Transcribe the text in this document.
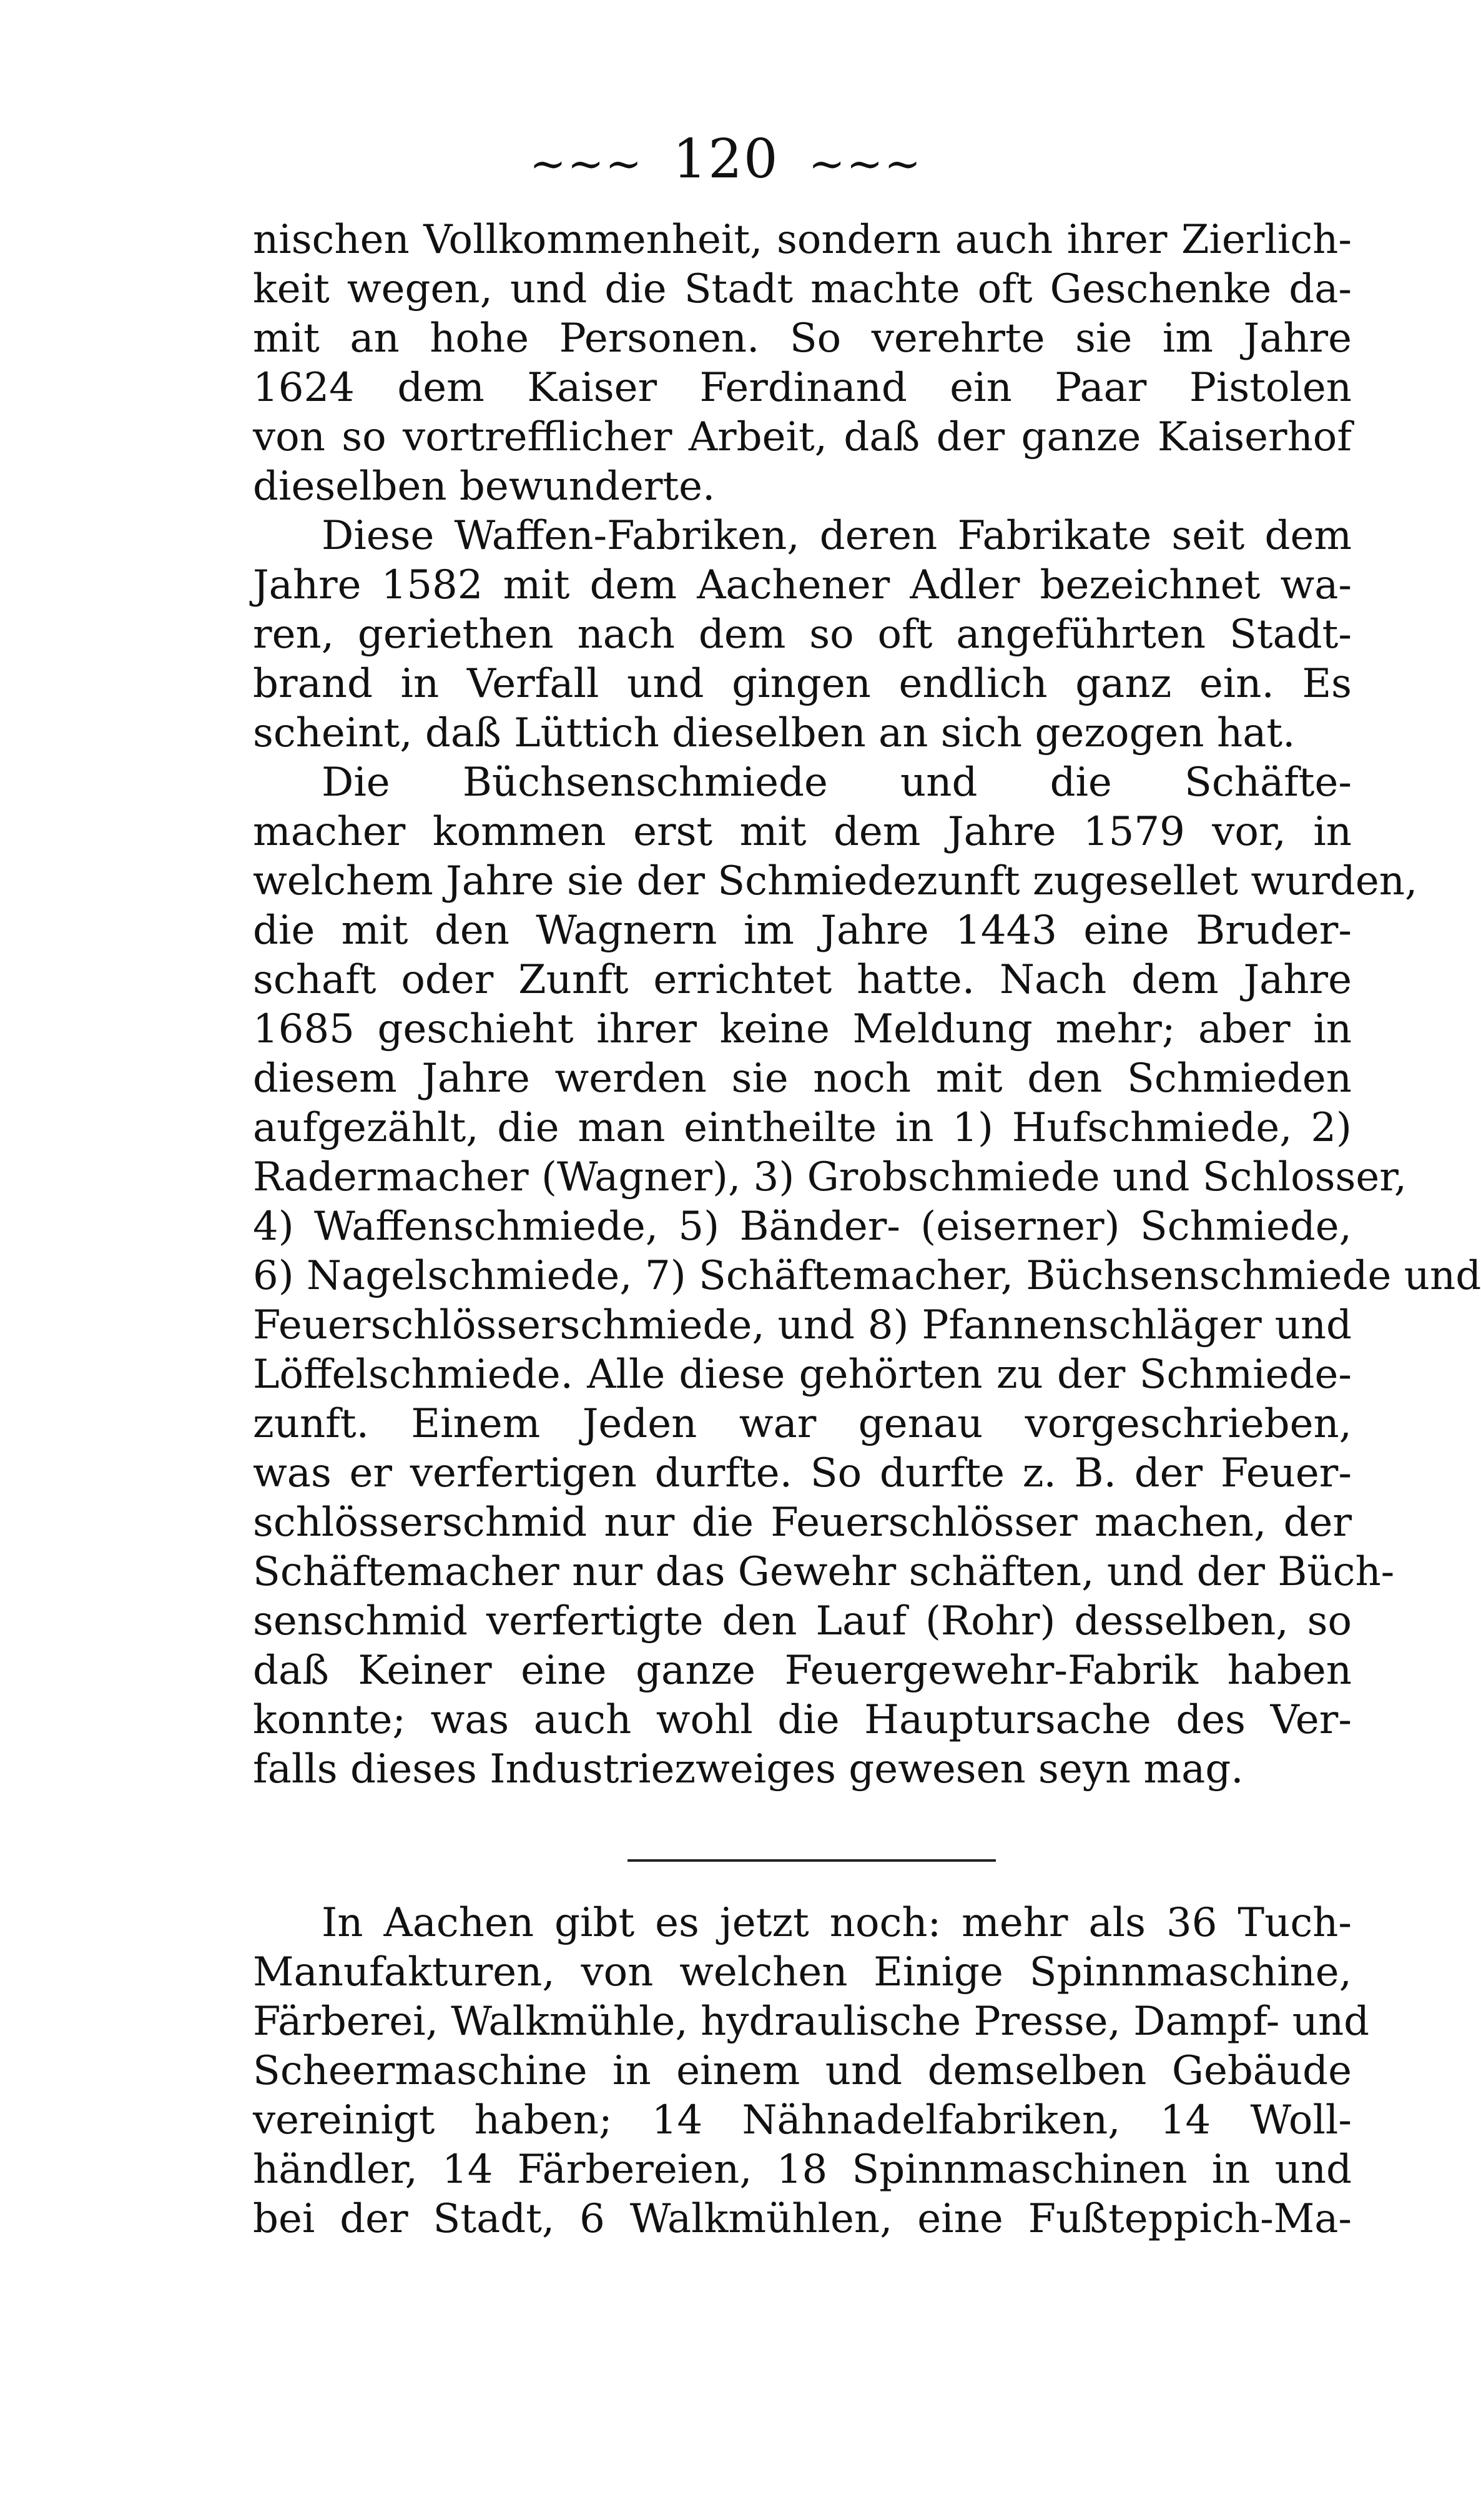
~~~ 120 ~~~
nischen Vollkommenheit, sondern auch ihrer Zierlich-
keit wegen, und die Stadt machte oft Geschenke da-
mit an hohe Personen. So verehrte sie im Jahre
1624 dem Kaiser Ferdinand ein Paar Pistolen
von so vortrefflicher Arbeit, daß der ganze Kaiserhof
dieselben bewunderte.
Diese Waffen-Fabriken, deren Fabrikate seit dem
Jahre 1582 mit dem Aachener Adler bezeichnet wa-
ren, geriethen nach dem so oft angeführten Stadt-
brand in Verfall und gingen endlich ganz ein. Es
scheint, daß Lüttich dieselben an sich gezogen hat.
Die Büchsenschmiede und die Schäfte-
macher kommen erst mit dem Jahre 1579 vor, in
welchem Jahre sie der Schmiedezunft zugesellet wurden,
die mit den Wagnern im Jahre 1443 eine Bruder-
schaft oder Zunft errichtet hatte. Nach dem Jahre
1685 geschieht ihrer keine Meldung mehr; aber in
diesem Jahre werden sie noch mit den Schmieden
aufgezählt, die man eintheilte in 1) Hufschmiede, 2)
Radermacher (Wagner), 3) Grobschmiede und Schlosser,
4) Waffenschmiede, 5) Bänder- (eiserner) Schmiede,
6) Nagelschmiede, 7) Schäftemacher, Büchsenschmiede und
Feuerschlösserschmiede, und 8) Pfannenschläger und
Löffelschmiede. Alle diese gehörten zu der Schmiede-
zunft. Einem Jeden war genau vorgeschrieben,
was er verfertigen durfte. So durfte z. B. der Feuer-
schlösserschmid nur die Feuerschlösser machen, der
Schäftemacher nur das Gewehr schäften, und der Büch-
senschmid verfertigte den Lauf (Rohr) desselben, so
daß Keiner eine ganze Feuergewehr-Fabrik haben
konnte; was auch wohl die Hauptursache des Ver-
falls dieses Industriezweiges gewesen seyn mag.
In Aachen gibt es jetzt noch: mehr als 36 Tuch-
Manufakturen, von welchen Einige Spinnmaschine,
Färberei, Walkmühle, hydraulische Presse, Dampf- und
Scheermaschine in einem und demselben Gebäude
vereinigt haben; 14 Nähnadelfabriken, 14 Woll-
händler, 14 Färbereien, 18 Spinnmaschinen in und
bei der Stadt, 6 Walkmühlen, eine Fußteppich-Ma-
